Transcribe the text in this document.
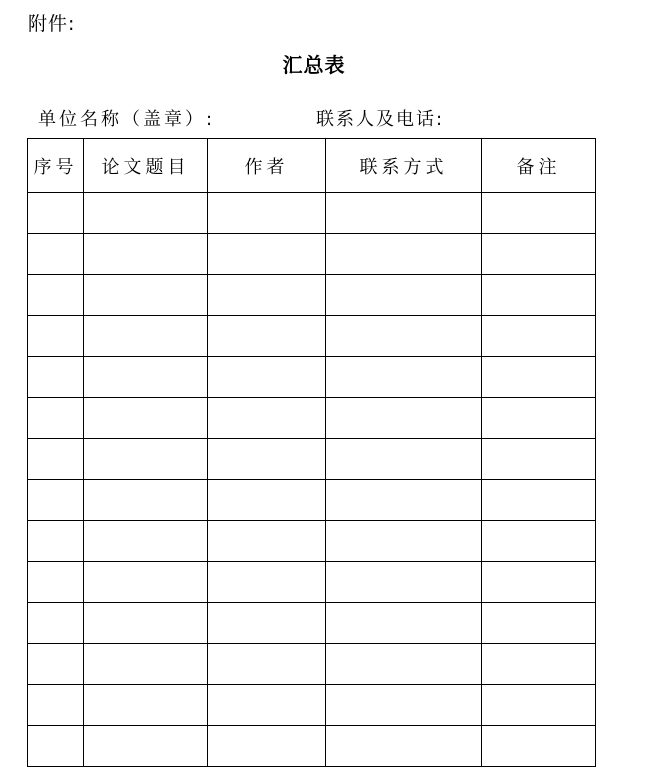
附件:
汇总表
单位名称（盖章）:	联系人及电话:
序号	论文题目	作者	联系方式	备注
